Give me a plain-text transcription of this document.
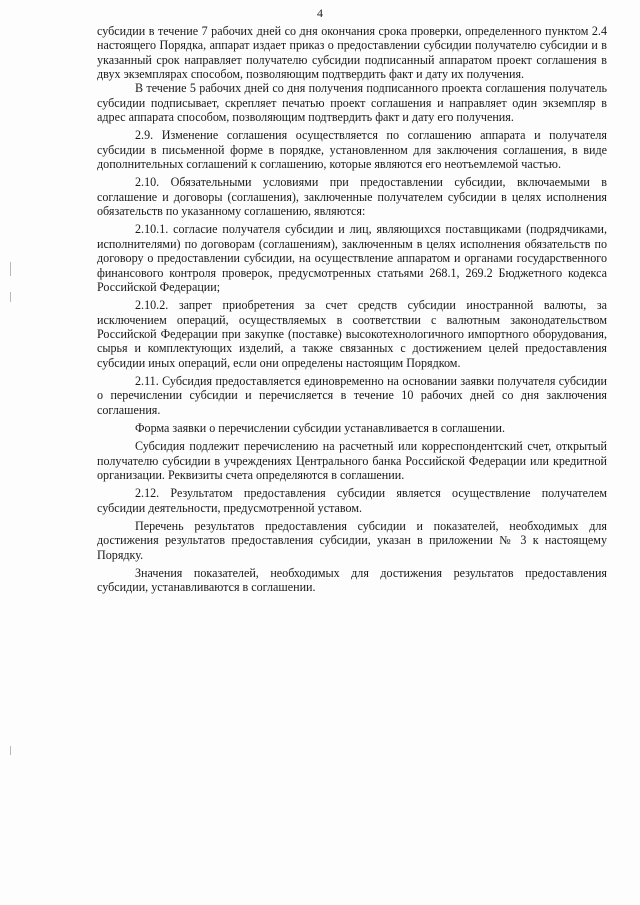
4

субсидии в течение 7 рабочих дней со дня окончания срока проверки, определенного пунктом 2.4 настоящего Порядка, аппарат издает приказ о предоставлении субсидии получателю субсидии и в указанный срок направляет получателю субсидии подписанный аппаратом проект соглашения в двух экземплярах способом, позволяющим подтвердить факт и дату их получения.

В течение 5 рабочих дней со дня получения подписанного проекта соглашения получатель субсидии подписывает, скрепляет печатью проект соглашения и направляет один экземпляр в адрес аппарата способом, позволяющим подтвердить факт и дату его получения.

2.9. Изменение соглашения осуществляется по соглашению аппарата и получателя субсидии в письменной форме в порядке, установленном для заключения соглашения, в виде дополнительных соглашений к соглашению, которые являются его неотъемлемой частью.

2.10. Обязательными условиями при предоставлении субсидии, включаемыми в соглашение и договоры (соглашения), заключенные получателем субсидии в целях исполнения обязательств по указанному соглашению, являются:

2.10.1. согласие получателя субсидии и лиц, являющихся поставщиками (подрядчиками, исполнителями) по договорам (соглашениям), заключенным в целях исполнения обязательств по договору о предоставлении субсидии, на осуществление аппаратом и органами государственного финансового контроля проверок, предусмотренных статьями 268.1, 269.2 Бюджетного кодекса Российской Федерации;

2.10.2. запрет приобретения за счет средств субсидии иностранной валюты, за исключением операций, осуществляемых в соответствии с валютным законодательством Российской Федерации при закупке (поставке) высокотехнологичного импортного оборудования, сырья и комплектующих изделий, а также связанных с достижением целей предоставления субсидии иных операций, если они определены настоящим Порядком.

2.11. Субсидия предоставляется единовременно на основании заявки получателя субсидии о перечислении субсидии и перечисляется в течение 10 рабочих дней со дня заключения соглашения.

Форма заявки о перечислении субсидии устанавливается в соглашении.

Субсидия подлежит перечислению на расчетный или корреспондентский счет, открытый получателю субсидии в учреждениях Центрального банка Российской Федерации или кредитной организации. Реквизиты счета определяются в соглашении.

2.12. Результатом предоставления субсидии является осуществление получателем субсидии деятельности, предусмотренной уставом.

Перечень результатов предоставления субсидии и показателей, необходимых для достижения результатов предоставления субсидии, указан в приложении № 3 к настоящему Порядку.

Значения показателей, необходимых для достижения результатов предоставления субсидии, устанавливаются в соглашении.
